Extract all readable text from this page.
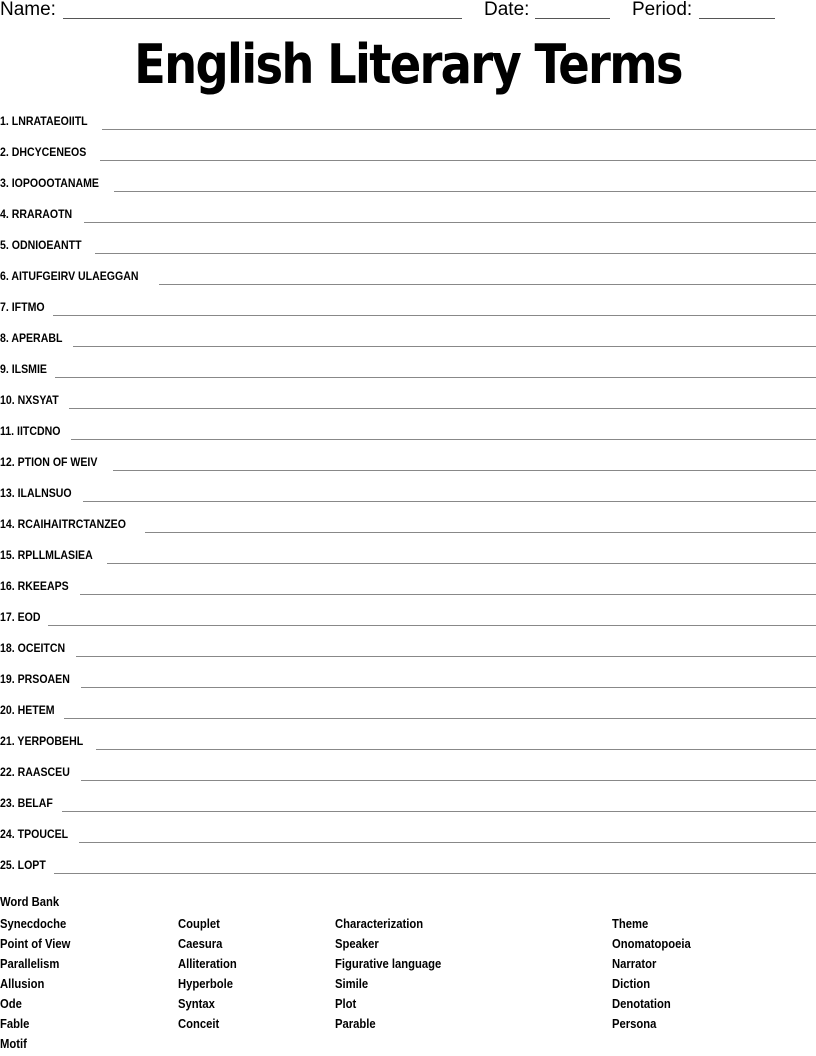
Name:	Date:	Period:
English Literary Terms
1. LNRATAEOIITL
2. DHCYCENEOS
3. IOPOOOTANAME
4. RRARAOTN
5. ODNIOEANTT
6. AITUFGEIRV ULAEGGAN
7. IFTMO
8. APERABL
9. ILSMIE
10. NXSYAT
11. IITCDNO
12. PTION OF WEIV
13. ILALNSUO
14. RCAIHAITRCTANZEO
15. RPLLMLASIEA
16. RKEEAPS
17. EOD
18. OCEITCN
19. PRSOAEN
20. HETEM
21. YERPOBEHL
22. RAASCEU
23. BELAF
24. TPOUCEL
25. LOPT
Word Bank
Synecdoche
Point of View
Parallelism
Allusion
Ode
Fable
Motif
Couplet
Caesura
Alliteration
Hyperbole
Syntax
Conceit
Characterization
Speaker
Figurative language
Simile
Plot
Parable
Theme
Onomatopoeia
Narrator
Diction
Denotation
Persona
